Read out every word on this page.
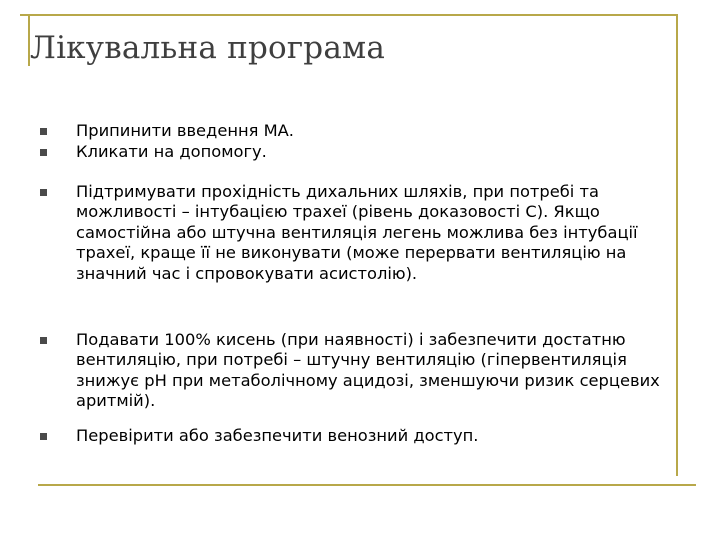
Лікувальна програма
Припинити введення МА.
Кликати на допомогу.
Підтримувати прохідність дихальних шляхів, при потребі та можливості – інтубацією трахеї (рівень доказовості С). Якщо самостійна або штучна вентиляція легень можлива без інтубації трахеї, краще її не виконувати (може перервати вентиляцію на значний час і спровокувати асистолію).
Подавати 100% кисень (при наявності) і забезпечити достатню вентиляцію, при потребі – штучну вентиляцію (гіпервентиляція знижує рН при метаболічному ацидозі, зменшуючи ризик серцевих аритмій).
Перевірити або забезпечити венозний доступ.
